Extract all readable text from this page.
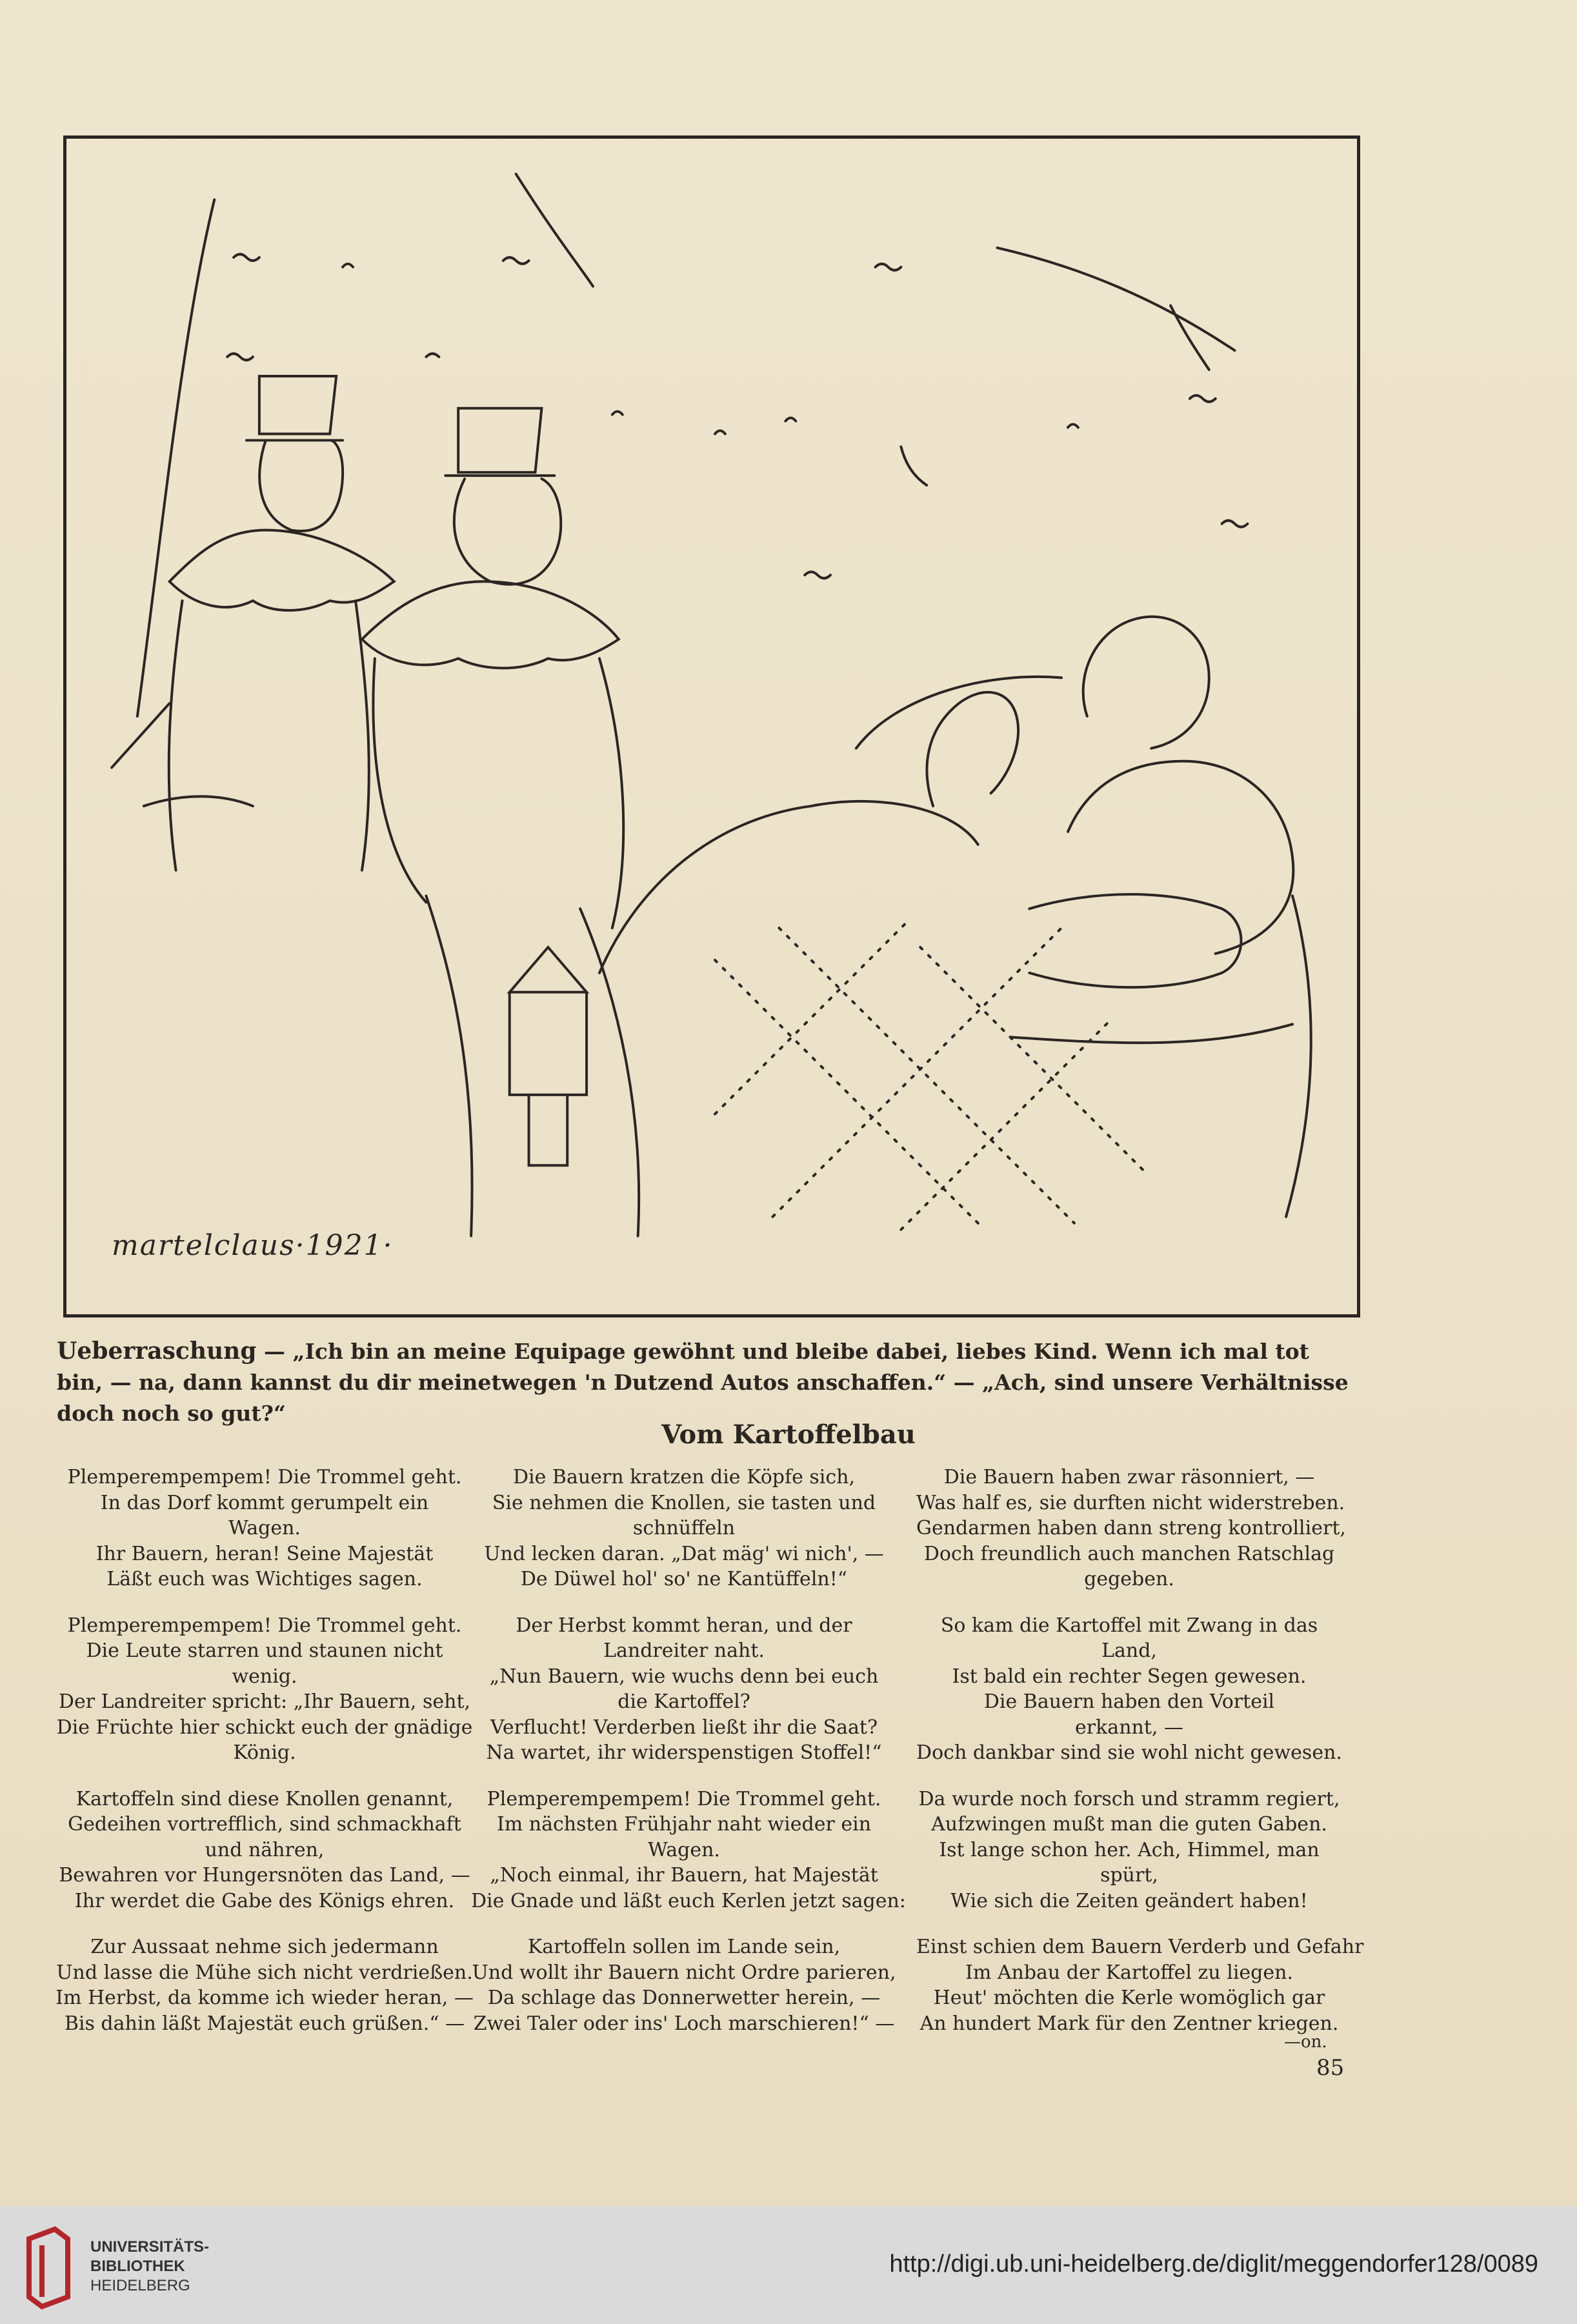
martelclaus·1921·
Ueberraschung — „Ich bin an meine Equipage gewöhnt und bleibe dabei, liebes Kind. Wenn ich mal tot bin, — na, dann kannst du dir meinetwegen 'n Dutzend Autos anschaffen.“ — „Ach, sind unsere Verhältnisse doch noch so gut?“
Vom Kartoffelbau
Plemperempempem! Die Trommel geht.
In das Dorf kommt gerumpelt ein
Wagen.
Ihr Bauern, heran! Seine Majestät
Läßt euch was Wichtiges sagen.
Plemperempempem! Die Trommel geht.
Die Leute starren und staunen nicht
wenig.
Der Landreiter spricht: „Ihr Bauern, seht,
Die Früchte hier schickt euch der gnädige
König.
Kartoffeln sind diese Knollen genannt,
Gedeihen vortrefflich, sind schmackhaft
und nähren,
Bewahren vor Hungersnöten das Land, —
Ihr werdet die Gabe des Königs ehren.
Zur Aussaat nehme sich jedermann
Und lasse die Mühe sich nicht verdrießen.
Im Herbst, da komme ich wieder heran, —
Bis dahin läßt Majestät euch grüßen.“ —
Die Bauern kratzen die Köpfe sich,
Sie nehmen die Knollen, sie tasten und
schnüffeln
Und lecken daran. „Dat mäg' wi nich', —
De Düwel hol' so' ne Kantüffeln!“
Der Herbst kommt heran, und der
Landreiter naht.
„Nun Bauern, wie wuchs denn bei euch
die Kartoffel?
Verflucht! Verderben ließt ihr die Saat?
Na wartet, ihr widerspenstigen Stoffel!“
Plemperempempem! Die Trommel geht.
Im nächsten Frühjahr naht wieder ein
Wagen.
„Noch einmal, ihr Bauern, hat Majestät
Die Gnade und läßt euch Kerlen jetzt sagen:
Kartoffeln sollen im Lande sein,
Und wollt ihr Bauern nicht Ordre parieren,
Da schlage das Donnerwetter herein, —
Zwei Taler oder ins' Loch marschieren!“ —
Die Bauern haben zwar räsonniert, —
Was half es, sie durften nicht widerstreben.
Gendarmen haben dann streng kontrolliert,
Doch freundlich auch manchen Ratschlag
gegeben.
So kam die Kartoffel mit Zwang in das
Land,
Ist bald ein rechter Segen gewesen.
Die Bauern haben den Vorteil
erkannt, —
Doch dankbar sind sie wohl nicht gewesen.
Da wurde noch forsch und stramm regiert,
Aufzwingen mußt man die guten Gaben.
Ist lange schon her. Ach, Himmel, man
spürt,
Wie sich die Zeiten geändert haben!
Einst schien dem Bauern Verderb und Gefahr
Im Anbau der Kartoffel zu liegen.
Heut' möchten die Kerle womöglich gar
An hundert Mark für den Zentner kriegen.
—on.
85
UNIVERSITÄTS-
BIBLIOTHEK
HEIDELBERG
http://digi.ub.uni-heidelberg.de/diglit/meggendorfer128/0089
